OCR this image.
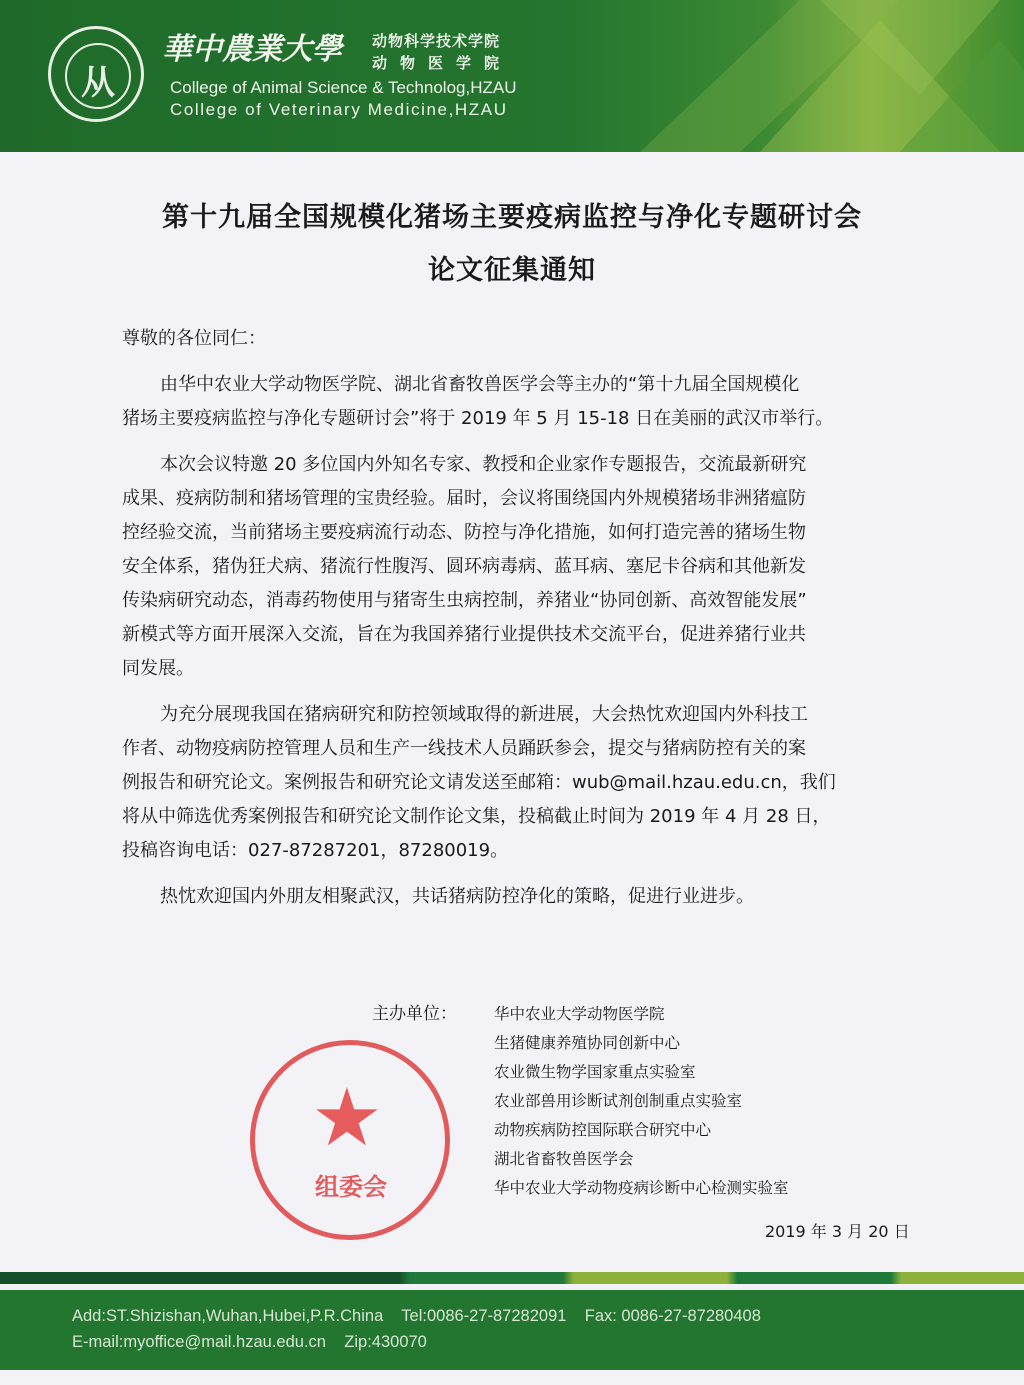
从
華中農業大學 动物科学技术学院
动物医学院
College of Animal Science & Technolog,HZAU
College of Veterinary Medicine,HZAU
第十九届全国规模化猪场主要疫病监控与净化专题研讨会
论文征集通知
★
组委会
尊敬的各位同仁：
由华中农业大学动物医学院、湖北省畜牧兽医学会等主办的“第十九届全国规模化
猪场主要疫病监控与净化专题研讨会”将于 2019 年 5 月 15-18 日在美丽的武汉市举行。
本次会议特邀 20 多位国内外知名专家、教授和企业家作专题报告，交流最新研究
成果、疫病防制和猪场管理的宝贵经验。届时，会议将围绕国内外规模猪场非洲猪瘟防
控经验交流，当前猪场主要疫病流行动态、防控与净化措施，如何打造完善的猪场生物
安全体系，猪伪狂犬病、猪流行性腹泻、圆环病毒病、蓝耳病、塞尼卡谷病和其他新发
传染病研究动态，消毒药物使用与猪寄生虫病控制，养猪业“协同创新、高效智能发展”
新模式等方面开展深入交流，旨在为我国养猪行业提供技术交流平台，促进养猪行业共
同发展。
为充分展现我国在猪病研究和防控领域取得的新进展，大会热忱欢迎国内外科技工
作者、动物疫病防控管理人员和生产一线技术人员踊跃参会，提交与猪病防控有关的案
例报告和研究论文。案例报告和研究论文请发送至邮箱：wub@mail.hzau.edu.cn，我们
将从中筛选优秀案例报告和研究论文制作论文集，投稿截止时间为 2019 年 4 月 28 日，
投稿咨询电话：027-87287201，87280019。
热忱欢迎国内外朋友相聚武汉，共话猪病防控净化的策略，促进行业进步。
主办单位： 华中农业大学动物医学院
生猪健康养殖协同创新中心
农业微生物学国家重点实验室
农业部兽用诊断试剂创制重点实验室
动物疾病防控国际联合研究中心
湖北省畜牧兽医学会
华中农业大学动物疫病诊断中心检测实验室
2019 年 3 月 20 日
Add:ST.Shizishan,Wuhan,Hubei,P.R.China    Tel:0086-27-87282091    Fax: 0086-27-87280408
E-mail:myoffice@mail.hzau.edu.cn    Zip:430070
